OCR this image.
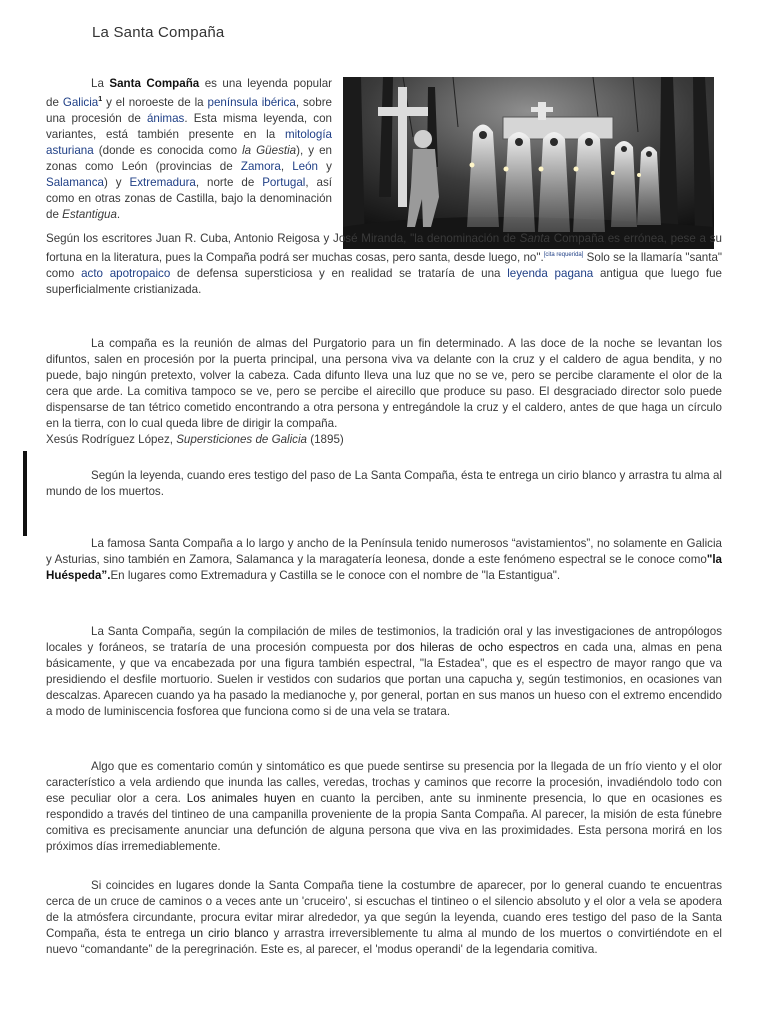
La Santa Compaña

La Santa Compaña es una leyenda popular de Galicia$^1$ y el noroeste de la península ibérica, sobre una procesión de ánimas. Esta misma leyenda, con variantes, está también presente en la mitología asturiana (donde es conocida como la Güestia), y en zonas como León (provincias de Zamora, León y Salamanca) y Extremadura, norte de Portugal, así como en otras zonas de Castilla, bajo la denominación de Estantigua.

Según los escritores Juan R. Cuba, Antonio Reigosa y José Miranda, "la denominación de Santa Compaña es errónea, pese a su fortuna en la literatura, pues la Compaña podrá ser muchas cosas, pero santa, desde luego, no".[cita requerida] Solo se la llamaría "santa" como acto apotropaico de defensa supersticiosa y en realidad se trataría de una leyenda pagana antigua que luego fue superficialmente cristianizada.

La compaña es la reunión de almas del Purgatorio para un fin determinado. A las doce de la noche se levantan los difuntos, salen en procesión por la puerta principal, una persona viva va delante con la cruz y el caldero de agua bendita, y no puede, bajo ningún pretexto, volver la cabeza. Cada difunto lleva una luz que no se ve, pero se percibe claramente el olor de la cera que arde. La comitiva tampoco se ve, pero se percibe el airecillo que produce su paso. El desgraciado director solo puede dispensarse de tan tétrico cometido encontrando a otra persona y entregándole la cruz y el caldero, antes de que haga un círculo en la tierra, con lo cual queda libre de dirigir la compaña.
Xesús Rodríguez López, Supersticiones de Galicia (1895)

Según la leyenda, cuando eres testigo del paso de La Santa Compaña, ésta te entrega un cirio blanco y arrastra tu alma al mundo de los muertos.

La famosa Santa Compaña a lo largo y ancho de la Península tenido numerosos “avistamientos”, no solamente en Galicia y Asturias, sino también en Zamora, Salamanca y la maragatería leonesa, donde a este fenómeno espectral se le conoce como"la Huéspeda”.En lugares como Extremadura y Castilla se le conoce con el nombre de "la Estantigua".

La Santa Compaña, según la compilación de miles de testimonios, la tradición oral y las investigaciones de antropólogos locales y foráneos, se trataría de una procesión compuesta por dos hileras de ocho espectros en cada una, almas en pena básicamente, y que va encabezada por una figura también espectral, "la Estadea", que es el espectro de mayor rango que va presidiendo el desfile mortuorio. Suelen ir vestidos con sudarios que portan una capucha y, según testimonios, en ocasiones van descalzas. Aparecen cuando ya ha pasado la medianoche y, por general, portan en sus manos un hueso con el extremo encendido a modo de luminiscencia fosforea que funciona como si de una vela se tratara.

Algo que es comentario común y sintomático es que puede sentirse su presencia por la llegada de un frío viento y el olor característico a vela ardiendo que inunda las calles, veredas, trochas y caminos que recorre la procesión, invadiéndolo todo con ese peculiar olor a cera. Los animales huyen en cuanto la perciben, ante su inminente presencia, lo que en ocasiones es respondido a través del tintineo de una campanilla proveniente de la propia Santa Compaña. Al parecer, la misión de esta fúnebre comitiva es precisamente anunciar una defunción de alguna persona que viva en las proximidades. Esta persona morirá en los próximos días irremediablemente.

Si coincides en lugares donde la Santa Compaña tiene la costumbre de aparecer, por lo general cuando te encuentras cerca de un cruce de caminos o a veces ante un 'cruceiro', si escuchas el tintineo o el silencio absoluto y el olor a vela se apodera de la atmósfera circundante, procura evitar mirar alrededor, ya que según la leyenda, cuando eres testigo del paso de la Santa Compaña, ésta te entrega un cirio blanco y arrastra irreversiblemente tu alma al mundo de los muertos o convirtiéndote en el nuevo “comandante” de la peregrinación. Este es, al parecer, el 'modus operandi' de la legendaria comitiva.
